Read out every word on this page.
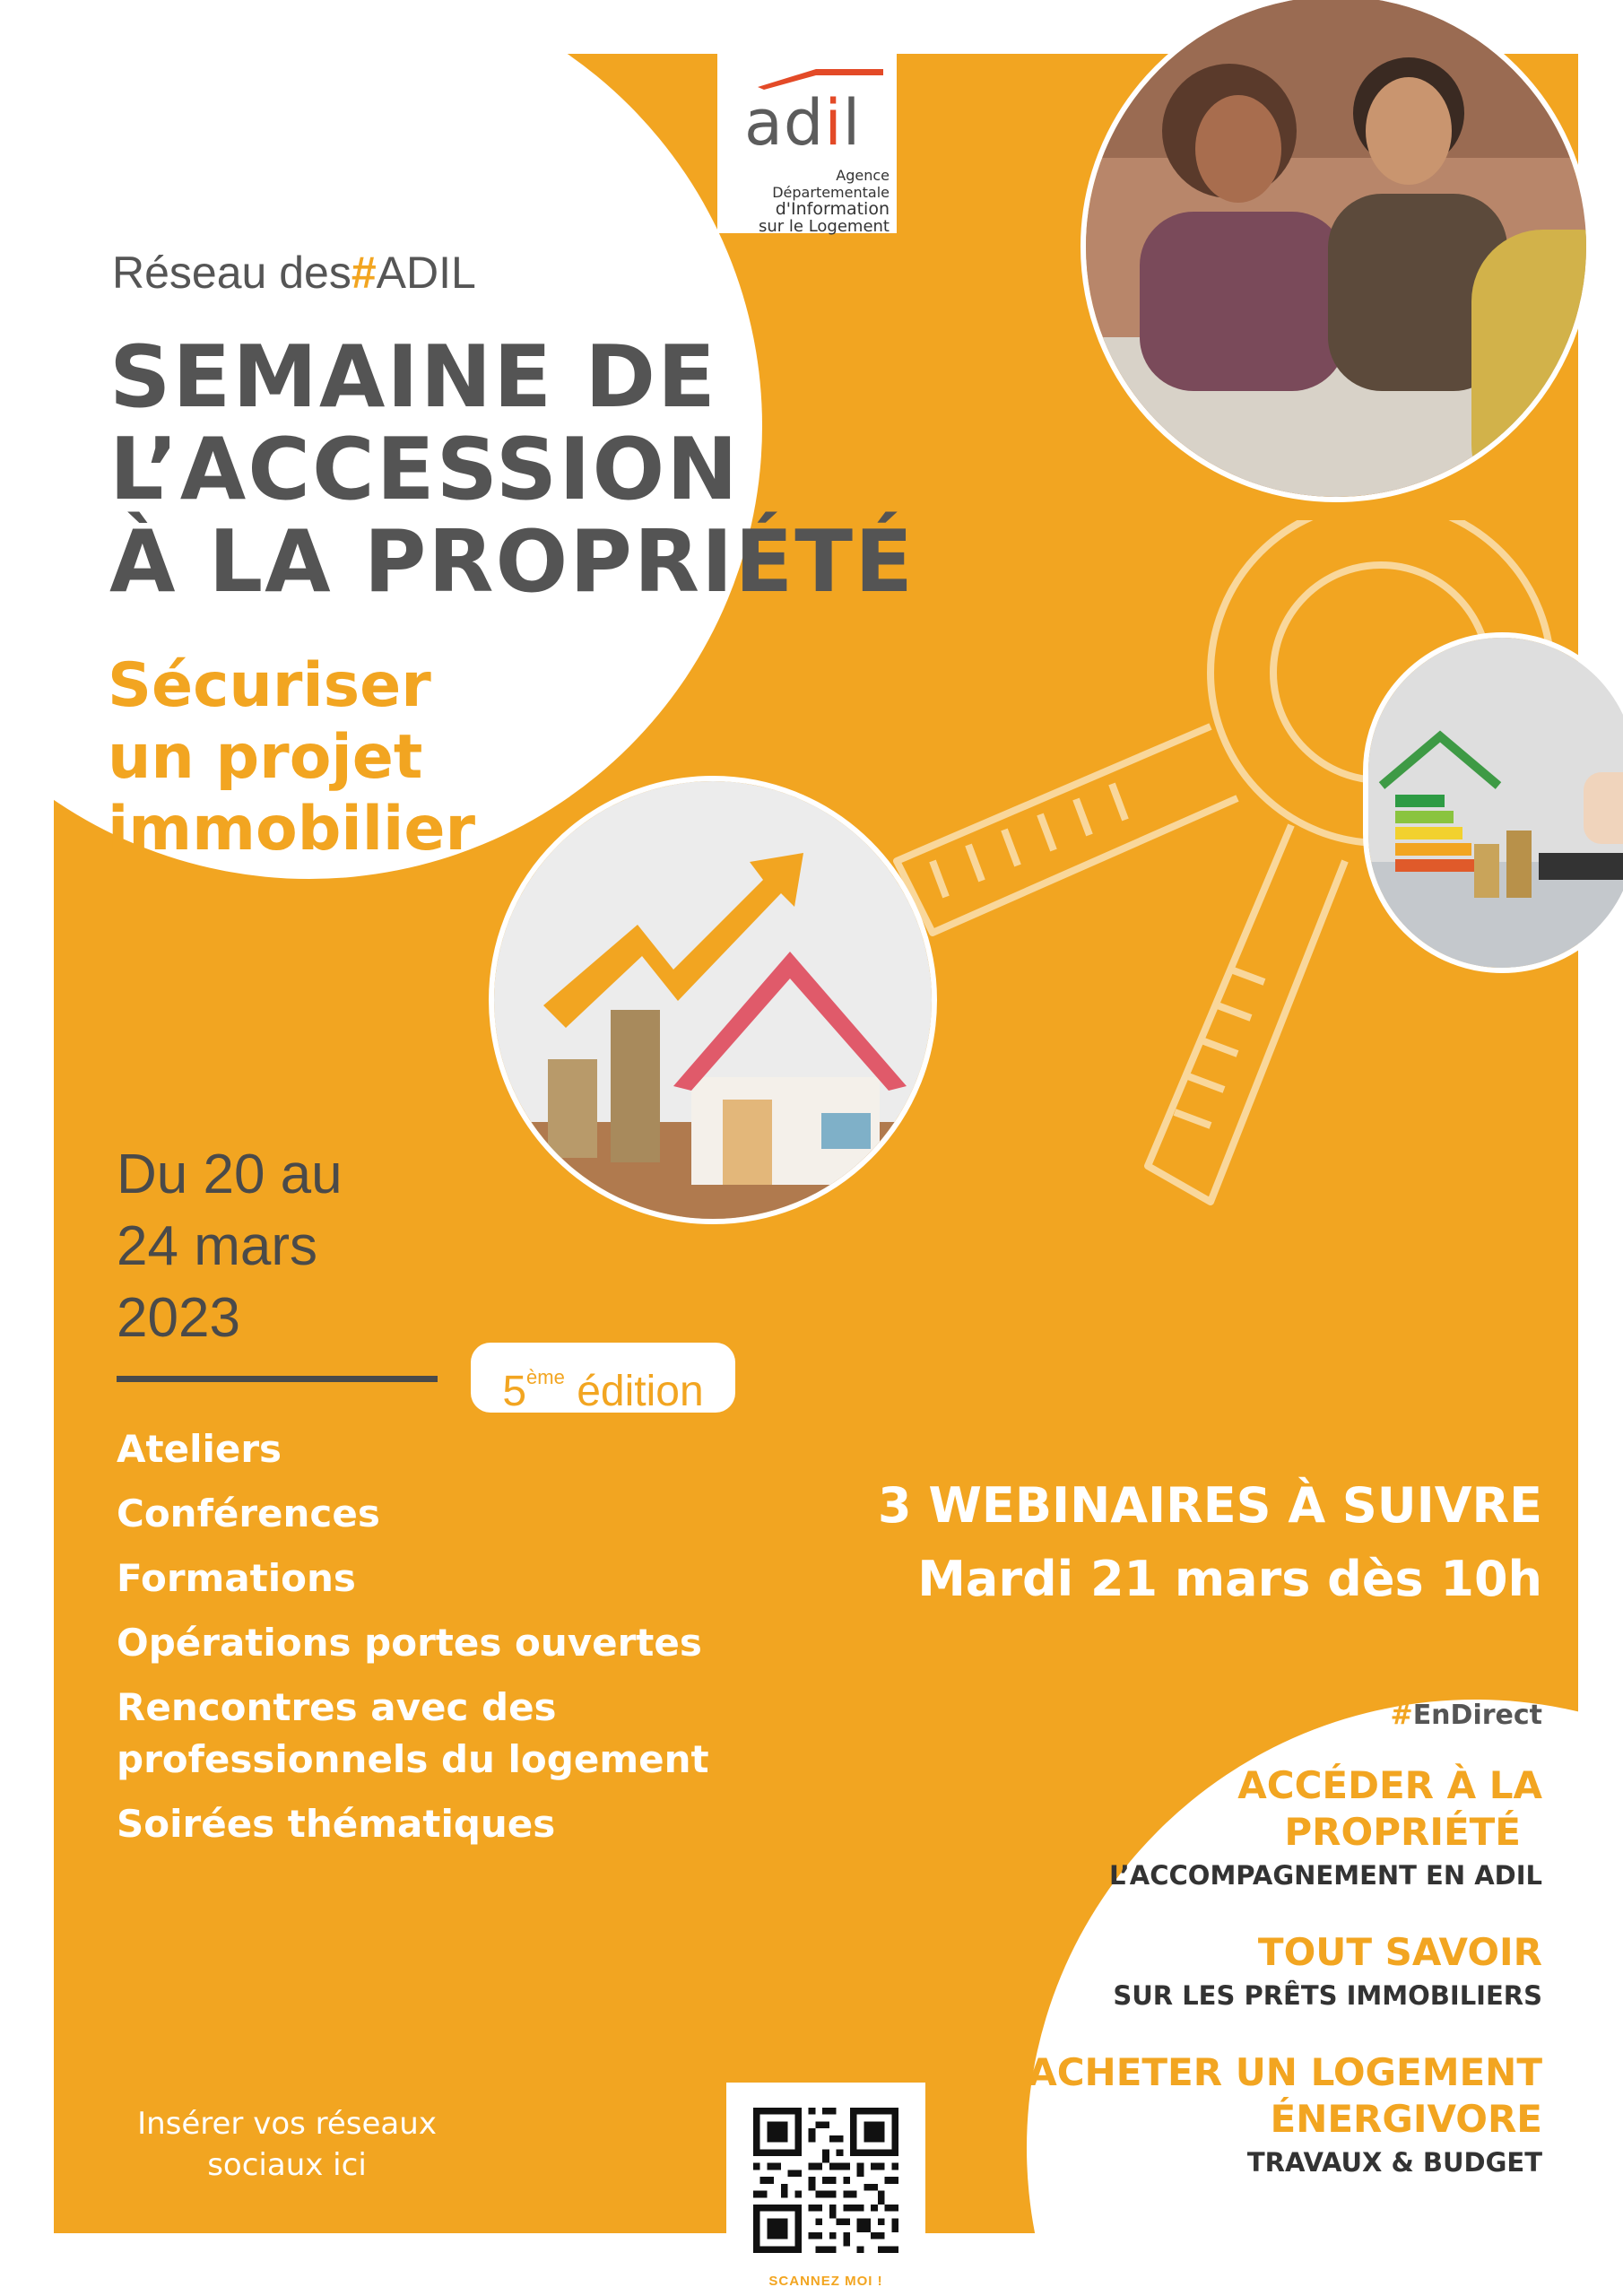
adil
Agence Départementale
d'Information
sur le Logement
Réseau des#ADIL
SEMAINE DE
L’ACCESSION
À LA PROPRIÉTÉ
Sécuriser
un projet
immobilier
Du 20 au
24 mars
2023
5ème édition
Ateliers
Conférences
Formations
Opérations portes ouvertes
Rencontres avec des
professionnels du logement
Soirées thématiques
3 WEBINAIRES À SUIVRE
Mardi 21 mars dès 10h
#EnDirect
ACCÉDER À LA
PROPRIÉTÉ
L’ACCOMPAGNEMENT EN ADIL
TOUT SAVOIR
SUR LES PRÊTS IMMOBILIERS
ACHETER UN LOGEMENT
ÉNERGIVORE
TRAVAUX & BUDGET
Insérer vos réseaux
sociaux ici
SCANNEZ MOI !
